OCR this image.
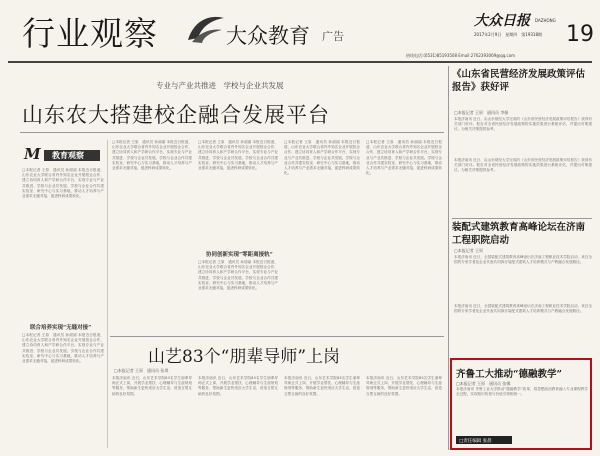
行业观察	大众教育 广告
大众日报 DAZHONG
2017年2月9日　星期四　第19318期 19
热线电话:(0531)85193508 Email:2762393069@qq.com
专业与产业共推进　学校与企业共发展
山东农大搭建校企融合发展平台
M 教育观察
□本报记者 王原　通讯员 孙丽丽 本报近日报道，山东农业大学联合省内外知名企业开展校企合作，建立协同育人和产学研合作平台，实现专业与产业共推进、学校与企业共发展。学校与企业合作共建实验室、研究中心与实习基地，推动人才培养与产业需求无缝对接，促进科研成果转化。
联合培养实现“无缝对接”
□本报记者 王原　通讯员 孙丽丽 本报近日报道，山东农业大学联合省内外知名企业开展校企合作，建立协同育人和产学研合作平台，实现专业与产业共推进、学校与企业共发展。学校与企业合作共建实验室、研究中心与实习基地，推动人才培养与产业需求无缝对接，促进科研成果转化。
□本报记者 王原　通讯员 孙丽丽 本报近日报道，山东农业大学联合省内外知名企业开展校企合作，建立协同育人和产学研合作平台，实现专业与产业共推进、学校与企业共发展。学校与企业合作共建实验室、研究中心与实习基地，推动人才培养与产业需求无缝对接，促进科研成果转化。
□本报记者 王原　通讯员 孙丽丽 本报近日报道，山东农业大学联合省内外知名企业开展校企合作，建立协同育人和产学研合作平台，实现专业与产业共推进、学校与企业共发展。学校与企业合作共建实验室、研究中心与实习基地，推动人才培养与产业需求无缝对接，促进科研成果转化。
协同创新实现“零距离接轨”
□本报记者 王原　通讯员 孙丽丽 本报近日报道，山东农业大学联合省内外知名企业开展校企合作，建立协同育人和产学研合作平台，实现专业与产业共推进、学校与企业共发展。学校与企业合作共建实验室、研究中心与实习基地，推动人才培养与产业需求无缝对接，促进科研成果转化。
□本报记者 王原　通讯员 孙丽丽 本报近日报道，山东农业大学联合省内外知名企业开展校企合作，建立协同育人和产学研合作平台，实现专业与产业共推进、学校与企业共发展。学校与企业合作共建实验室、研究中心与实习基地，推动人才培养与产业需求无缝对接，促进科研成果转化。
□本报记者 王原　通讯员 孙丽丽 本报近日报道，山东农业大学联合省内外知名企业开展校企合作，建立协同育人和产学研合作平台，实现专业与产业共推进、学校与企业共发展。学校与企业合作共建实验室、研究中心与实习基地，推动人才培养与产业需求无缝对接，促进科研成果转化。
山艺83个“朋辈导师”上岗
□本报记者 王原　通讯员 张琪
本报济南讯 近日，山东艺术学院83名学生朋辈导师正式上岗，开展学业帮扶、心理辅导与生涯规划等服务，帮助新生更快适应大学生活，营造互帮互助的良好氛围。
本报济南讯 近日，山东艺术学院83名学生朋辈导师正式上岗，开展学业帮扶、心理辅导与生涯规划等服务，帮助新生更快适应大学生活，营造互帮互助的良好氛围。
本报济南讯 近日，山东艺术学院83名学生朋辈导师正式上岗，开展学业帮扶、心理辅导与生涯规划等服务，帮助新生更快适应大学生活，营造互帮互助的良好氛围。
本报济南讯 近日，山东艺术学院83名学生朋辈导师正式上岗，开展学业帮扶、心理辅导与生涯规划等服务，帮助新生更快适应大学生活，营造互帮互助的良好氛围。
《山东省民营经济发展政策评估报告》获好评
□本报记者 王原　通讯员 李娟
本报济南讯 近日，由山东财经大学完成的《山东省民营经济发展政策评估报告》获得有关部门好评。报告对全省民营经济发展政策的实施效果进行系统评估，并提出对策建议，为相关决策提供参考。
本报济南讯 近日，由山东财经大学完成的《山东省民营经济发展政策评估报告》获得有关部门好评。报告对全省民营经济发展政策的实施效果进行系统评估，并提出对策建议，为相关决策提供参考。
装配式建筑教育高峰论坛在济南工程职院启动
□本报记者 王原
本报济南讯 近日，全国装配式建筑教育高峰论坛在济南工程职业技术学院启动，来自全国的专家学者及企业代表共同探讨装配式建筑人才培养模式与产教融合发展路径。
本报济南讯 近日，全国装配式建筑教育高峰论坛在济南工程职业技术学院启动，来自全国的专家学者及企业代表共同探讨装配式建筑人才培养模式与产教融合发展路径。
齐鲁工大推动“德融教学”
□本报记者 王原　通讯员 张娜
本报济南讯 齐鲁工业大学推动“德融教学”改革，将思想政治教育融入专业课程教学全过程，实现知识传授与价值引领相统一。
□责任编辑 张晨
